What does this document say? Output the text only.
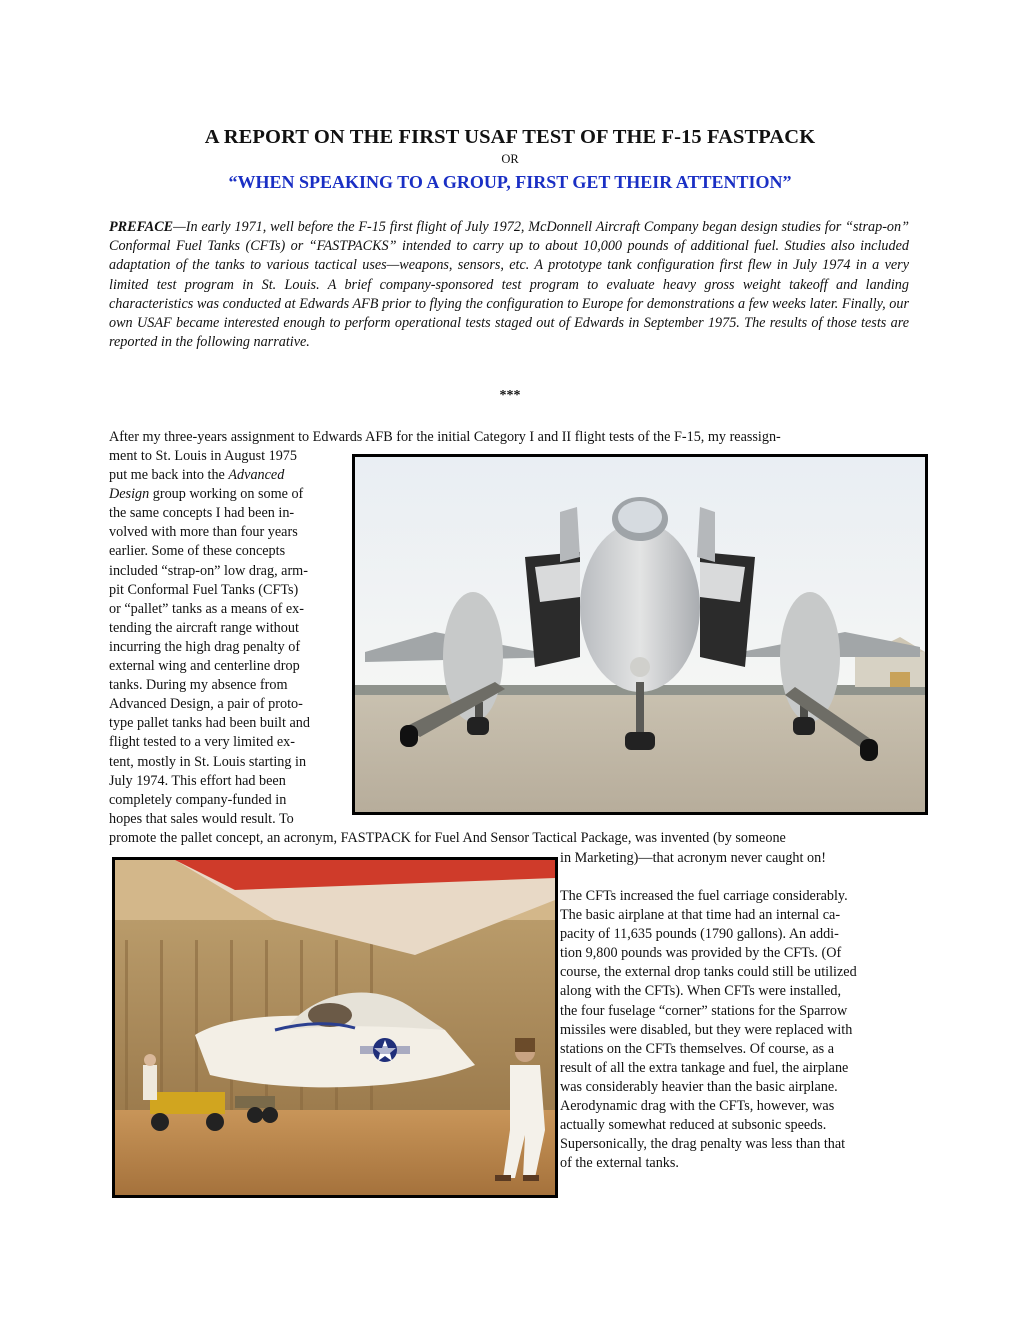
A REPORT ON THE FIRST USAF TEST OF THE F-15 FASTPACK
OR
“WHEN SPEAKING TO A GROUP, FIRST GET THEIR ATTENTION”
PREFACE—In early 1971, well before the F-15 first flight of July 1972, McDonnell Aircraft Company began design studies for “strap-on” Conformal Fuel Tanks (CFTs) or “FASTPACKS” intended to carry up to about 10,000 pounds of additional fuel. Studies also included adaptation of the tanks to various tactical uses—weapons, sensors, etc. A prototype tank configuration first flew in July 1974 in a very limited test program in St. Louis. A brief company-sponsored test program to evaluate heavy gross weight takeoff and landing characteristics was conducted at Edwards AFB prior to flying the configuration to Europe for demonstrations a few weeks later. Finally, our own USAF became interested enough to perform operational tests staged out of Edwards in September 1975. The results of those tests are reported in the following narrative.
***
After my three-years assignment to Edwards AFB for the initial Category I and II flight tests of the F-15, my reassign-
ment to St. Louis in August 1975
put me back into the Advanced
Design group working on some of
the same concepts I had been in-
volved with more than four years
earlier. Some of these concepts
included “strap-on” low drag, arm-
pit Conformal Fuel Tanks (CFTs)
or “pallet” tanks as a means of ex-
tending the aircraft range without
incurring the high drag penalty of
external wing and centerline drop
tanks. During my absence from
Advanced Design, a pair of proto-
type pallet tanks had been built and
flight tested to a very limited ex-
tent, mostly in St. Louis starting in
July 1974. This effort had been
completely company-funded in
hopes that sales would result. To
promote the pallet concept, an acronym, FASTPACK for Fuel And Sensor Tactical Package, was invented (by someone
in Marketing)—that acronym never caught on!
The CFTs increased the fuel carriage considerably.
The basic airplane at that time had an internal ca-
pacity of 11,635 pounds (1790 gallons). An addi-
tion 9,800 pounds was provided by the CFTs. (Of
course, the external drop tanks could still be utilized
along with the CFTs). When CFTs were installed,
the four fuselage “corner” stations for the Sparrow
missiles were disabled, but they were replaced with
stations on the CFTs themselves. Of course, as a
result of all the extra tankage and fuel, the airplane
was considerably heavier than the basic airplane.
Aerodynamic drag with the CFTs, however, was
actually somewhat reduced at subsonic speeds.
Supersonically, the drag penalty was less than that
of the external tanks.
